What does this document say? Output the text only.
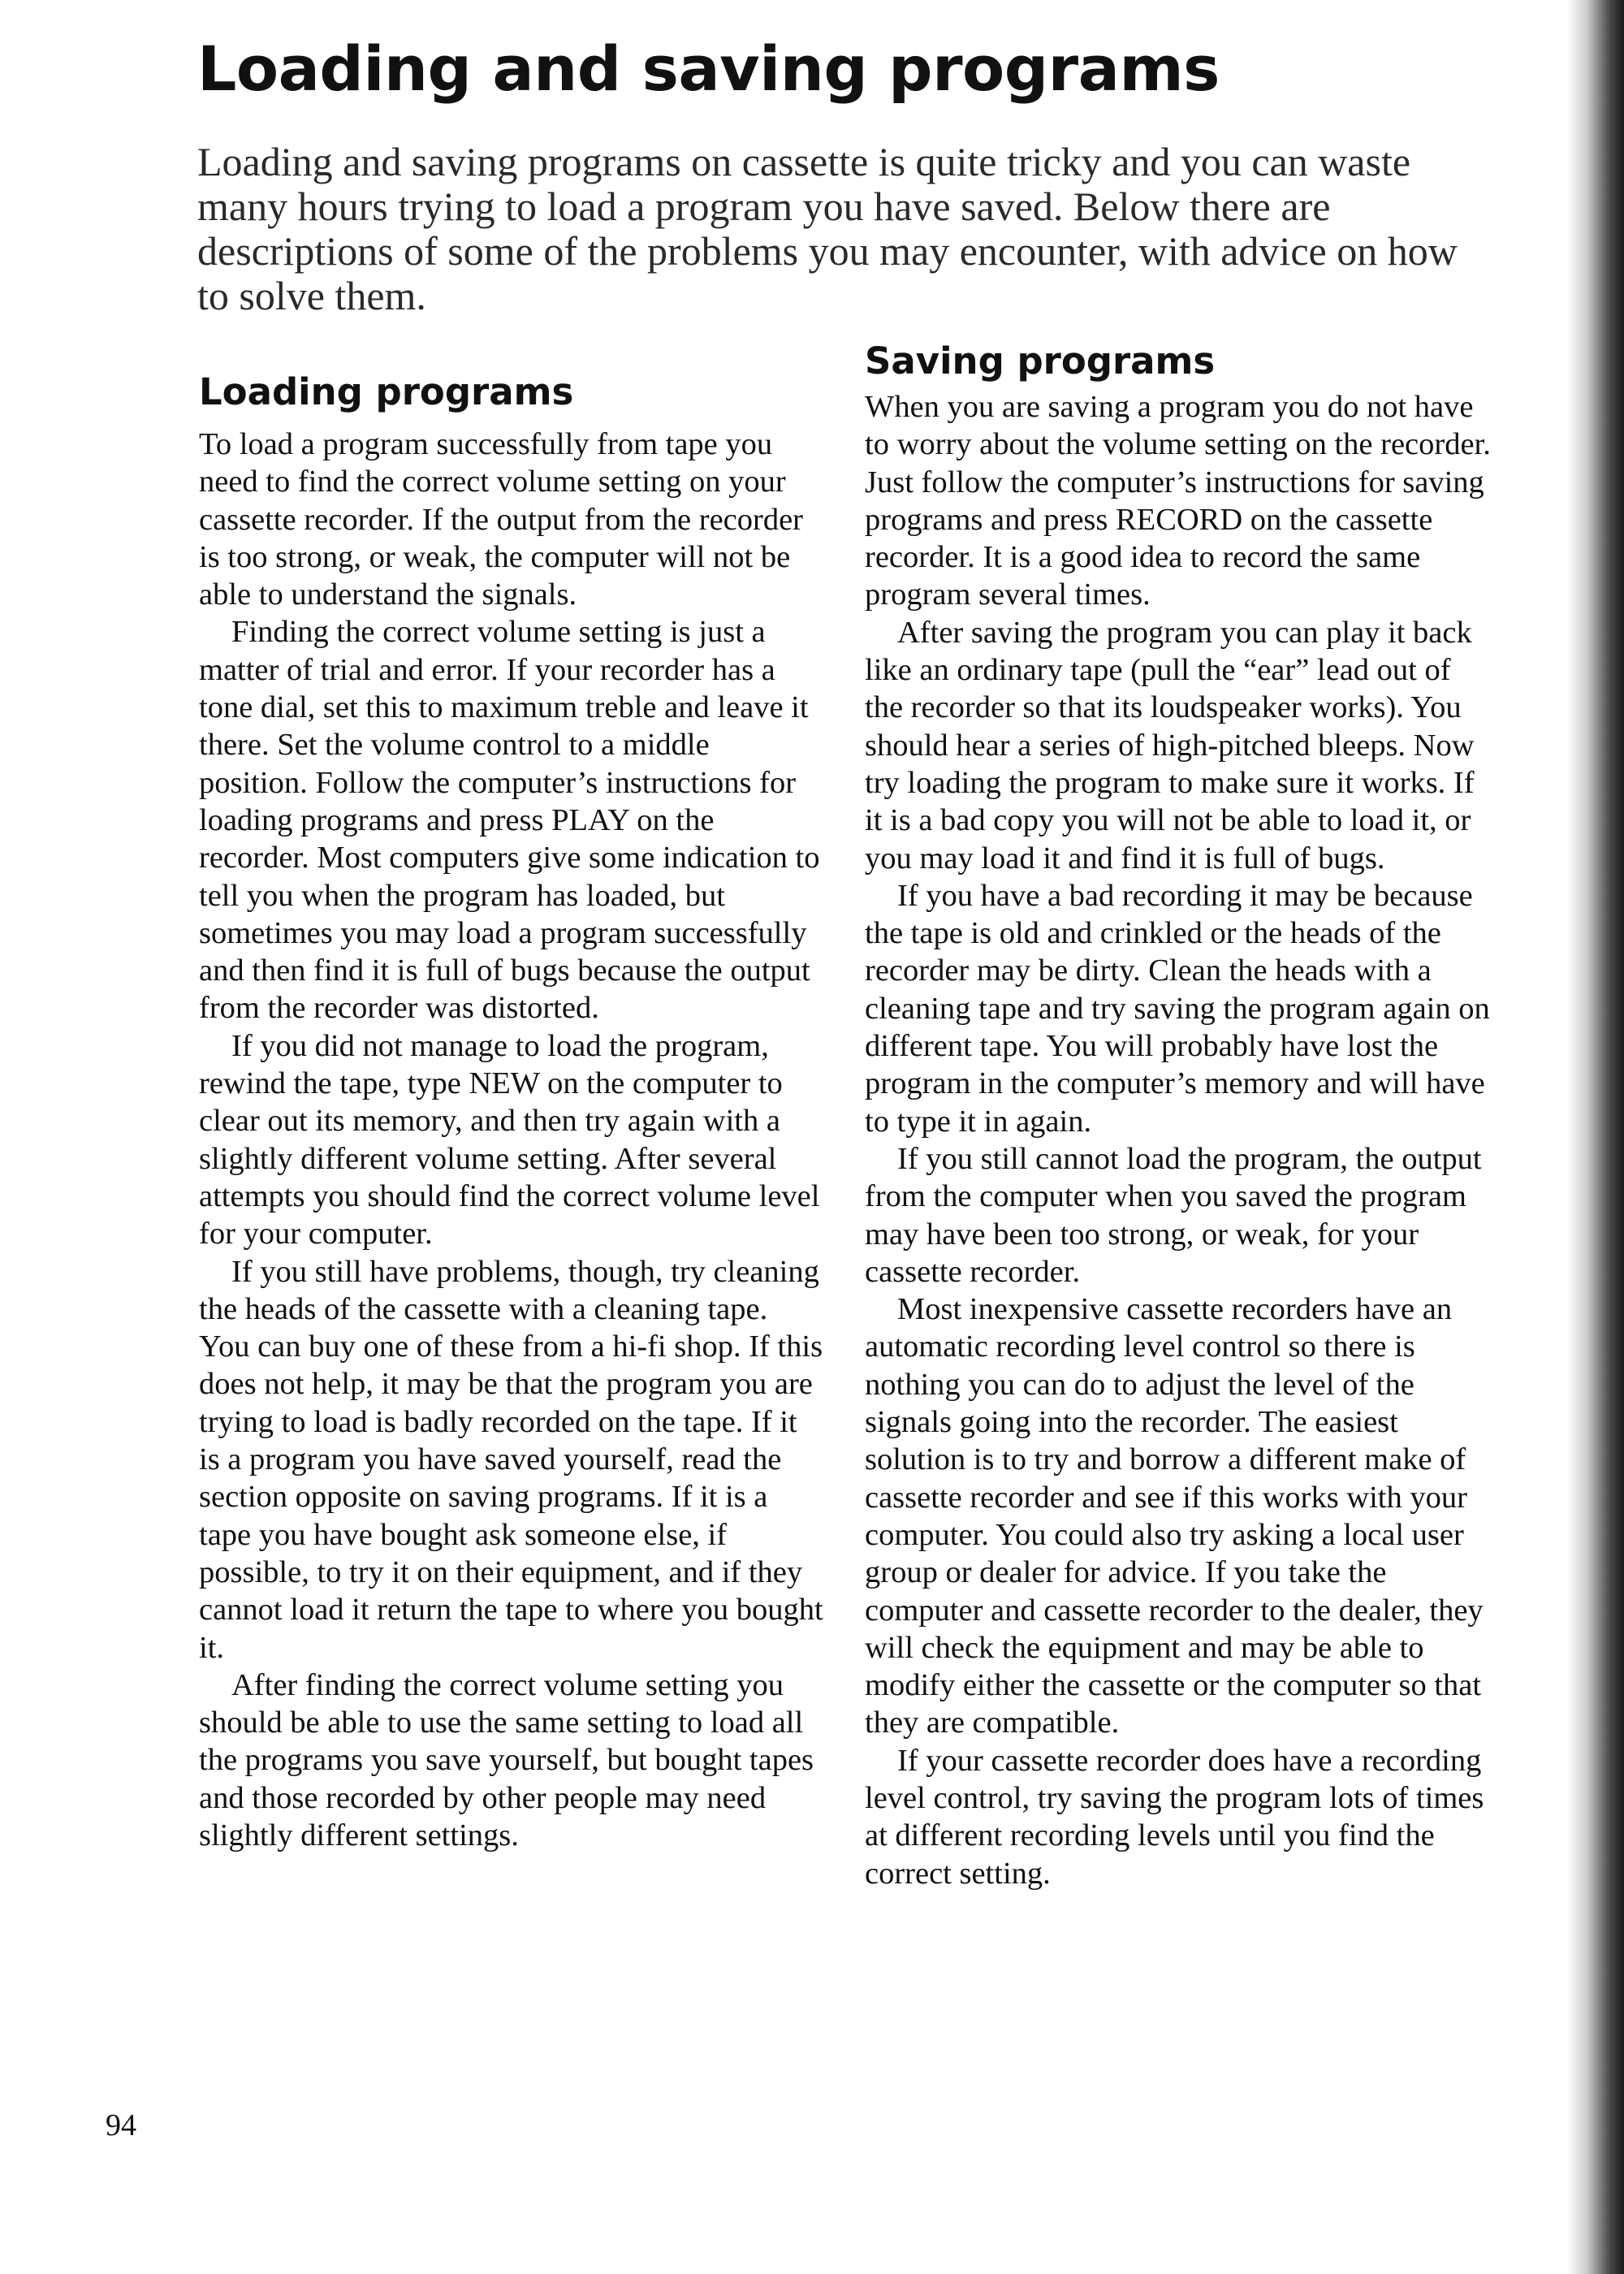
Loading and saving programs

Loading and saving programs on cassette is quite tricky and you can waste many hours trying to load a program you have saved. Below there are descriptions of some of the problems you may encounter, with advice on how to solve them.

Loading programs

To load a program successfully from tape you need to find the correct volume setting on your cassette recorder. If the output from the recorder is too strong, or weak, the computer will not be able to understand the signals.

Finding the correct volume setting is just a matter of trial and error. If your recorder has a tone dial, set this to maximum treble and leave it there. Set the volume control to a middle position. Follow the computer’s instructions for loading programs and press PLAY on the recorder. Most computers give some indication to tell you when the program has loaded, but sometimes you may load a program successfully and then find it is full of bugs because the output from the recorder was distorted.

If you did not manage to load the program, rewind the tape, type NEW on the computer to clear out its memory, and then try again with a slightly different volume setting. After several attempts you should find the correct volume level for your computer.

If you still have problems, though, try cleaning the heads of the cassette with a cleaning tape. You can buy one of these from a hi-fi shop. If this does not help, it may be that the program you are trying to load is badly recorded on the tape. If it is a program you have saved yourself, read the section opposite on saving programs. If it is a tape you have bought ask someone else, if possible, to try it on their equipment, and if they cannot load it return the tape to where you bought it.

After finding the correct volume setting you should be able to use the same setting to load all the programs you save yourself, but bought tapes and those recorded by other people may need slightly different settings.

Saving programs

When you are saving a program you do not have to worry about the volume setting on the recorder. Just follow the computer’s instructions for saving programs and press RECORD on the cassette recorder. It is a good idea to record the same program several times.

After saving the program you can play it back like an ordinary tape (pull the “ear” lead out of the recorder so that its loudspeaker works). You should hear a series of high-pitched bleeps. Now try loading the program to make sure it works. If it is a bad copy you will not be able to load it, or you may load it and find it is full of bugs.

If you have a bad recording it may be because the tape is old and crinkled or the heads of the recorder may be dirty. Clean the heads with a cleaning tape and try saving the program again on different tape. You will probably have lost the program in the computer’s memory and will have to type it in again.

If you still cannot load the program, the output from the computer when you saved the program may have been too strong, or weak, for your cassette recorder.

Most inexpensive cassette recorders have an automatic recording level control so there is nothing you can do to adjust the level of the signals going into the recorder. The easiest solution is to try and borrow a different make of cassette recorder and see if this works with your computer. You could also try asking a local user group or dealer for advice. If you take the computer and cassette recorder to the dealer, they will check the equipment and may be able to modify either the cassette or the computer so that they are compatible.

If your cassette recorder does have a recording level control, try saving the program lots of times at different recording levels until you find the correct setting.

94
